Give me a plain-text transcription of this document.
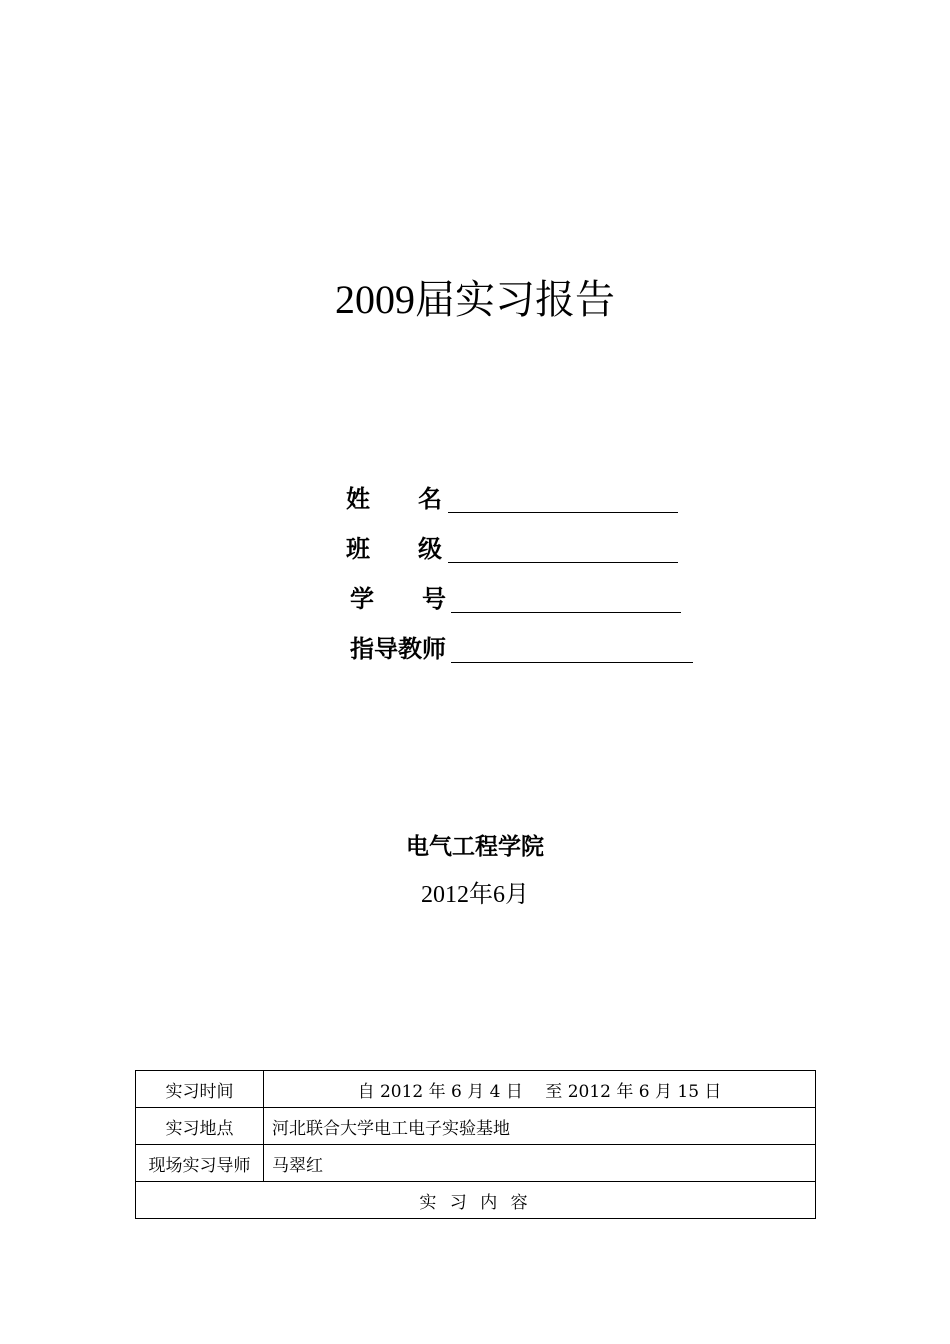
2009届实习报告
姓　　名
班　　级
学　　号
指导教师
电气工程学院
2012年6月
实习时间	自 2012 年 6 月 4 日　 至 2012 年 6 月 15 日
实习地点	河北联合大学电工电子实验基地
现场实习导师	马翠红
实 习 内 容	
